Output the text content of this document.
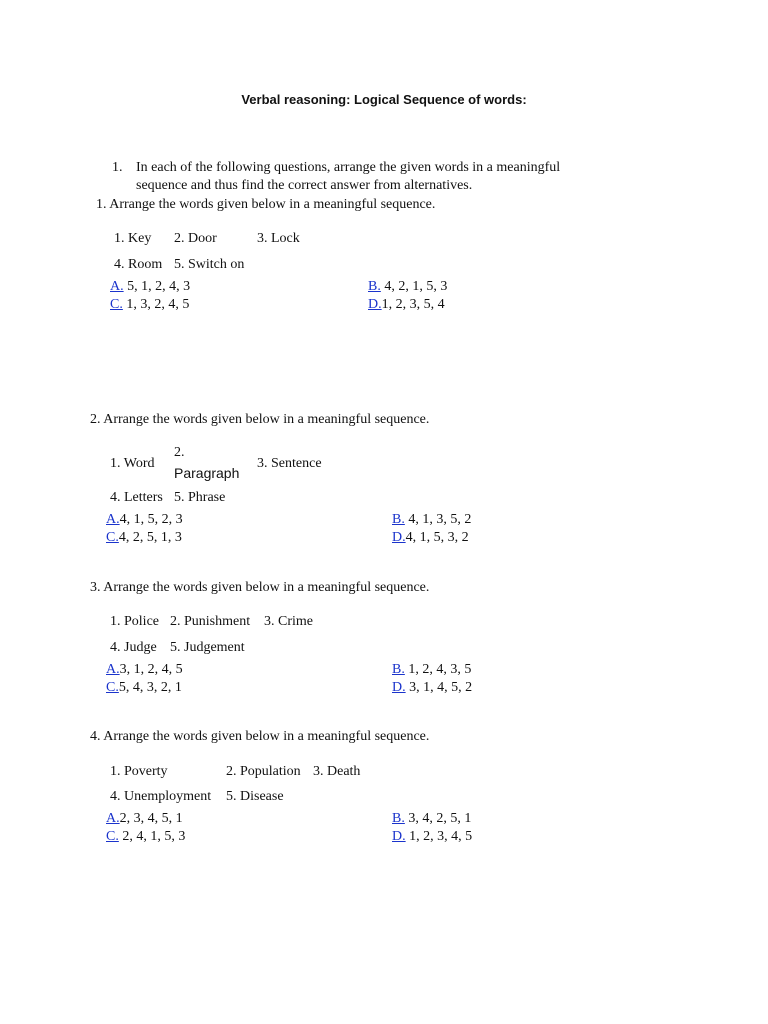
Verbal reasoning: Logical Sequence of words:
1. In each of the following questions, arrange the given words in a meaningful
sequence and thus find the correct answer from alternatives.
1. Arrange the words given below in a meaningful sequence.
1. Key 2. Door	3. Lock
4. Room 5. Switch on
A. 5, 1, 2, 4, 3	B. 4, 2, 1, 5, 3
C. 1, 3, 2, 4, 5	D.1, 2, 3, 5, 4
2. Arrange the words given below in a meaningful sequence.
1. Word
2.
Paragraph
3. Sentence
4. Letters 5. Phrase
A.4, 1, 5, 2, 3	B. 4, 1, 3, 5, 2
C.4, 2, 5, 1, 3	D.4, 1, 5, 3, 2
3. Arrange the words given below in a meaningful sequence.
1. Police 2. Punishment 3. Crime
4. Judge 5. Judgement
A.3, 1, 2, 4, 5	B. 1, 2, 4, 3, 5
C.5, 4, 3, 2, 1	D. 3, 1, 4, 5, 2
4. Arrange the words given below in a meaningful sequence.
1. Poverty	2. Population 3. Death
4. Unemployment 5. Disease
A.2, 3, 4, 5, 1	B. 3, 4, 2, 5, 1
C. 2, 4, 1, 5, 3	D. 1, 2, 3, 4, 5
